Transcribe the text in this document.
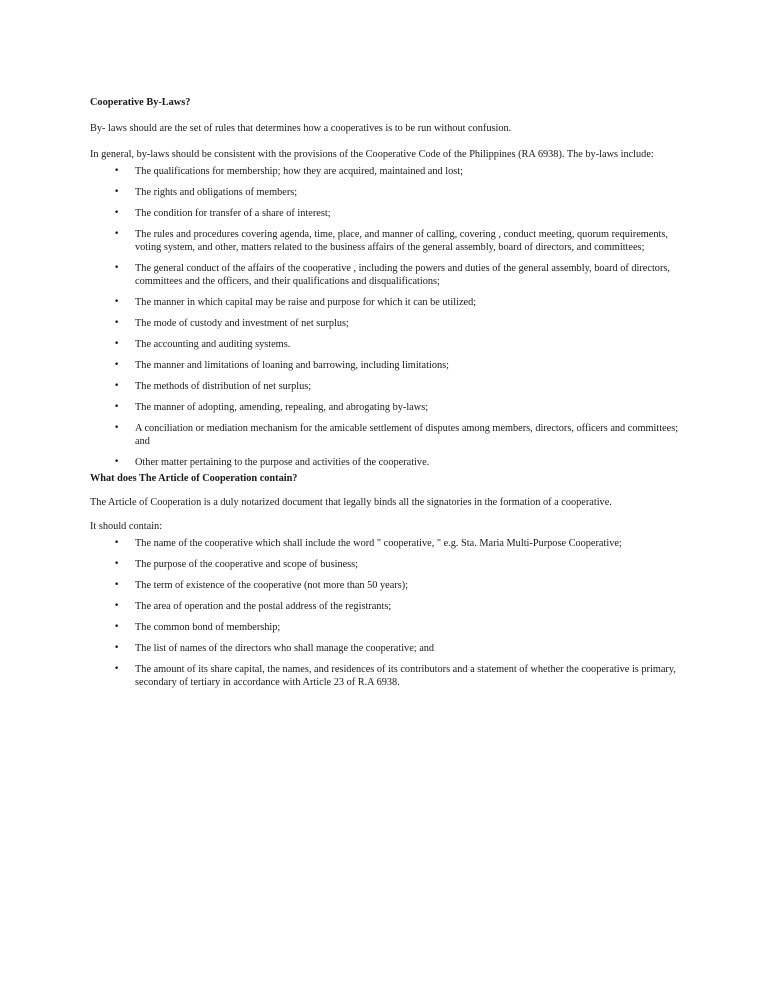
Cooperative By-Laws?

By- laws should are the set of rules that determines how a cooperatives is to be run without confusion.

In general, by-laws should be consistent with the provisions of the Cooperative Code of the Philippines (RA 6938). The by-laws include:

• The qualifications for membership; how they are acquired, maintained and lost;
• The rights and obligations of members;
• The condition for transfer of a share of interest;
• The rules and procedures covering agenda, time, place, and manner of calling, covering , conduct meeting, quorum requirements, voting system, and other, matters related to the business affairs of the general assembly, board of directors, and committees;
• The general conduct of the affairs of the cooperative , including the powers and duties of the general assembly, board of directors, committees and the officers, and their qualifications and disqualifications;
• The manner in which capital may be raise and purpose for which it can be utilized;
• The mode of custody and investment of net surplus;
• The accounting and auditing systems.
• The manner and limitations of loaning and barrowing, including limitations;
• The methods of distribution of net surplus;
• The manner of adopting, amending, repealing, and abrogating by-laws;
• A conciliation or mediation mechanism for the amicable settlement of disputes among members, directors, officers and committees; and
• Other matter pertaining to the purpose and activities of the cooperative.

What does The Article of Cooperation contain?

The Article of Cooperation is a duly notarized document that legally binds all the signatories in the formation of a cooperative.

It should contain:

• The name of the cooperative which shall include the word " cooperative, " e.g. Sta. Maria Multi-Purpose Cooperative;
• The purpose of the cooperative and scope of business;
• The term of existence of the cooperative (not more than 50 years);
• The area of operation and the postal address of the registrants;
• The common bond of membership;
• The list of names of the directors who shall manage the cooperative; and
• The amount of its share capital, the names, and residences of its contributors and a statement of whether the cooperative is primary, secondary of tertiary in accordance with Article 23 of R.A 6938.
